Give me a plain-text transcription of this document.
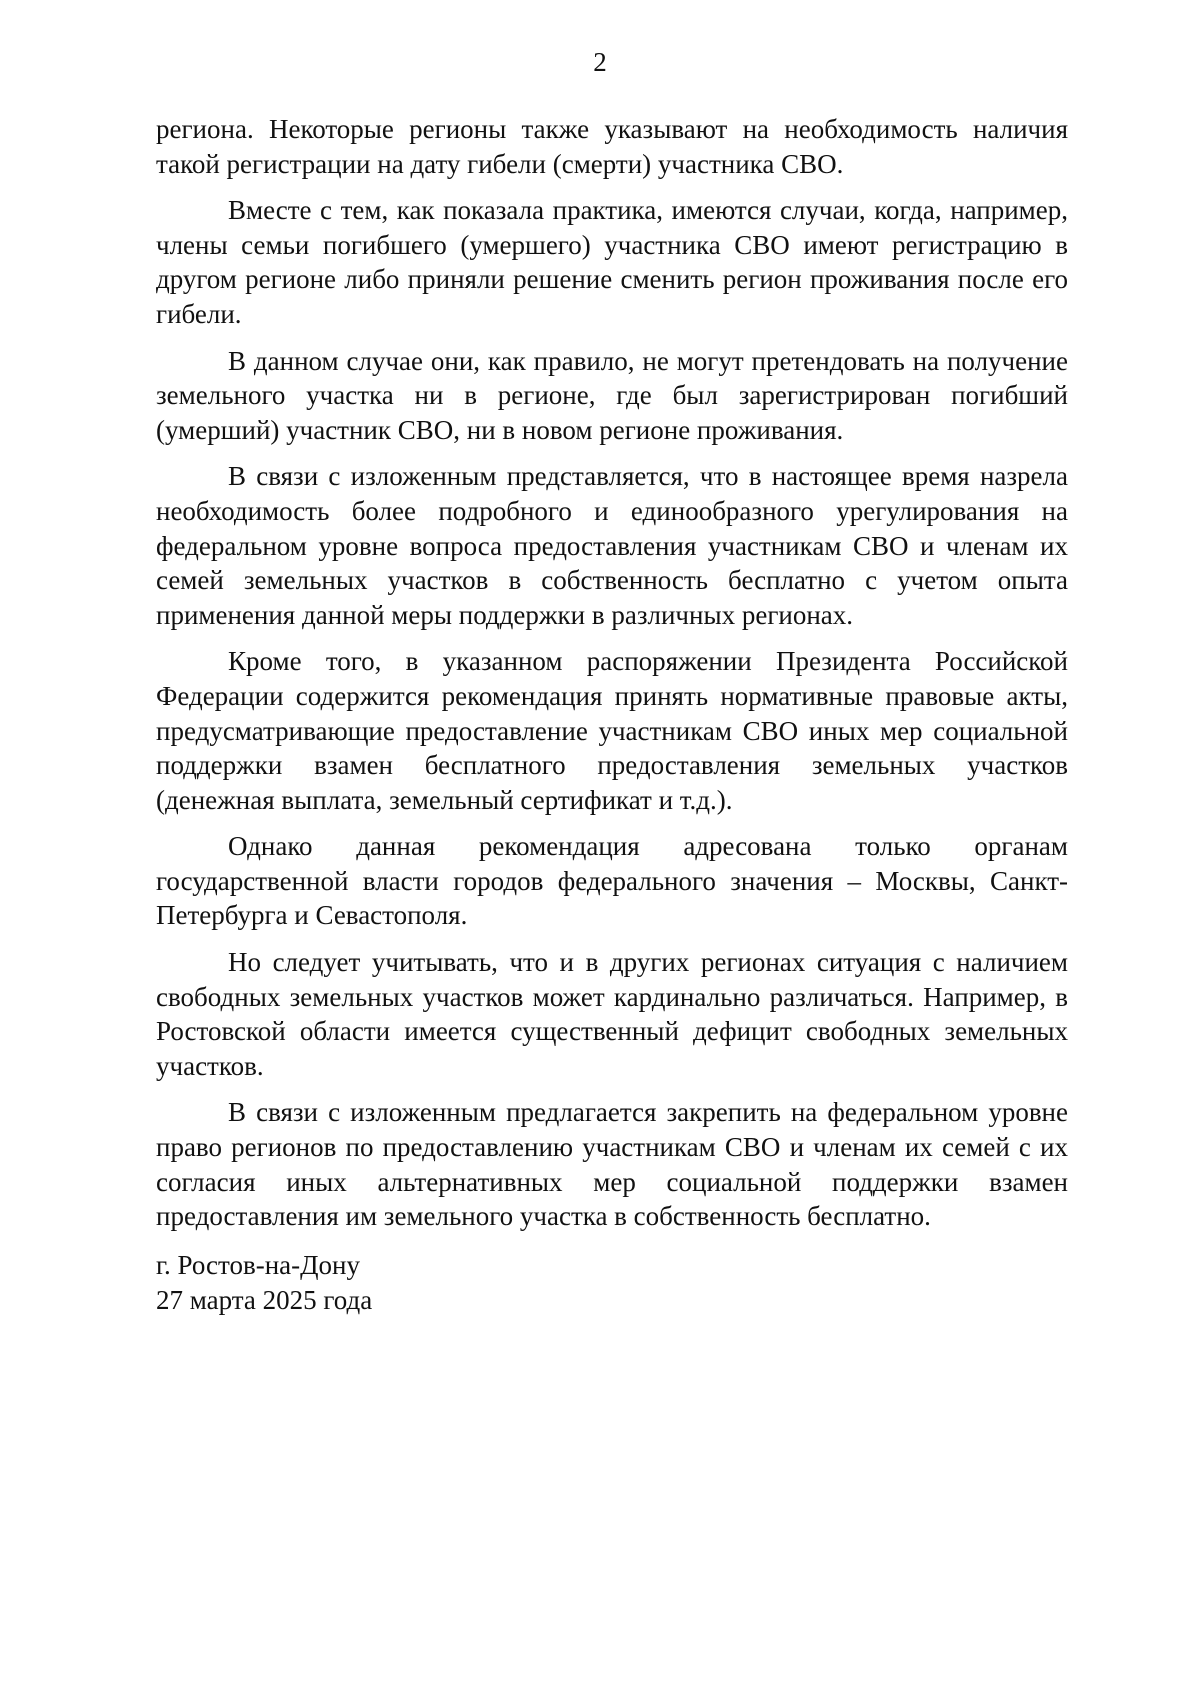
2

региона. Некоторые регионы также указывают на необходимость наличия такой регистрации на дату гибели (смерти) участника СВО.

Вместе с тем, как показала практика, имеются случаи, когда, например, члены семьи погибшего (умершего) участника СВО имеют регистрацию в другом регионе либо приняли решение сменить регион проживания после его гибели.

В данном случае они, как правило, не могут претендовать на получение земельного участка ни в регионе, где был зарегистрирован погибший (умерший) участник СВО, ни в новом регионе проживания.

В связи с изложенным представляется, что в настоящее время назрела необходимость более подробного и единообразного урегулирования на федеральном уровне вопроса предоставления участникам СВО и членам их семей земельных участков в собственность бесплатно с учетом опыта применения данной меры поддержки в различных регионах.

Кроме того, в указанном распоряжении Президента Российской Федерации содержится рекомендация принять нормативные правовые акты, предусматривающие предоставление участникам СВО иных мер социальной поддержки взамен бесплатного предоставления земельных участков (денежная выплата, земельный сертификат и т.д.).

Однако данная рекомендация адресована только органам государственной власти городов федерального значения – Москвы, Санкт-Петербурга и Севастополя.

Но следует учитывать, что и в других регионах ситуация с наличием свободных земельных участков может кардинально различаться. Например, в Ростовской области имеется существенный дефицит свободных земельных участков.

В связи с изложенным предлагается закрепить на федеральном уровне право регионов по предоставлению участникам СВО и членам их семей с их согласия иных альтернативных мер социальной поддержки взамен предоставления им земельного участка в собственность бесплатно.

г. Ростов-на-Дону
27 марта 2025 года
